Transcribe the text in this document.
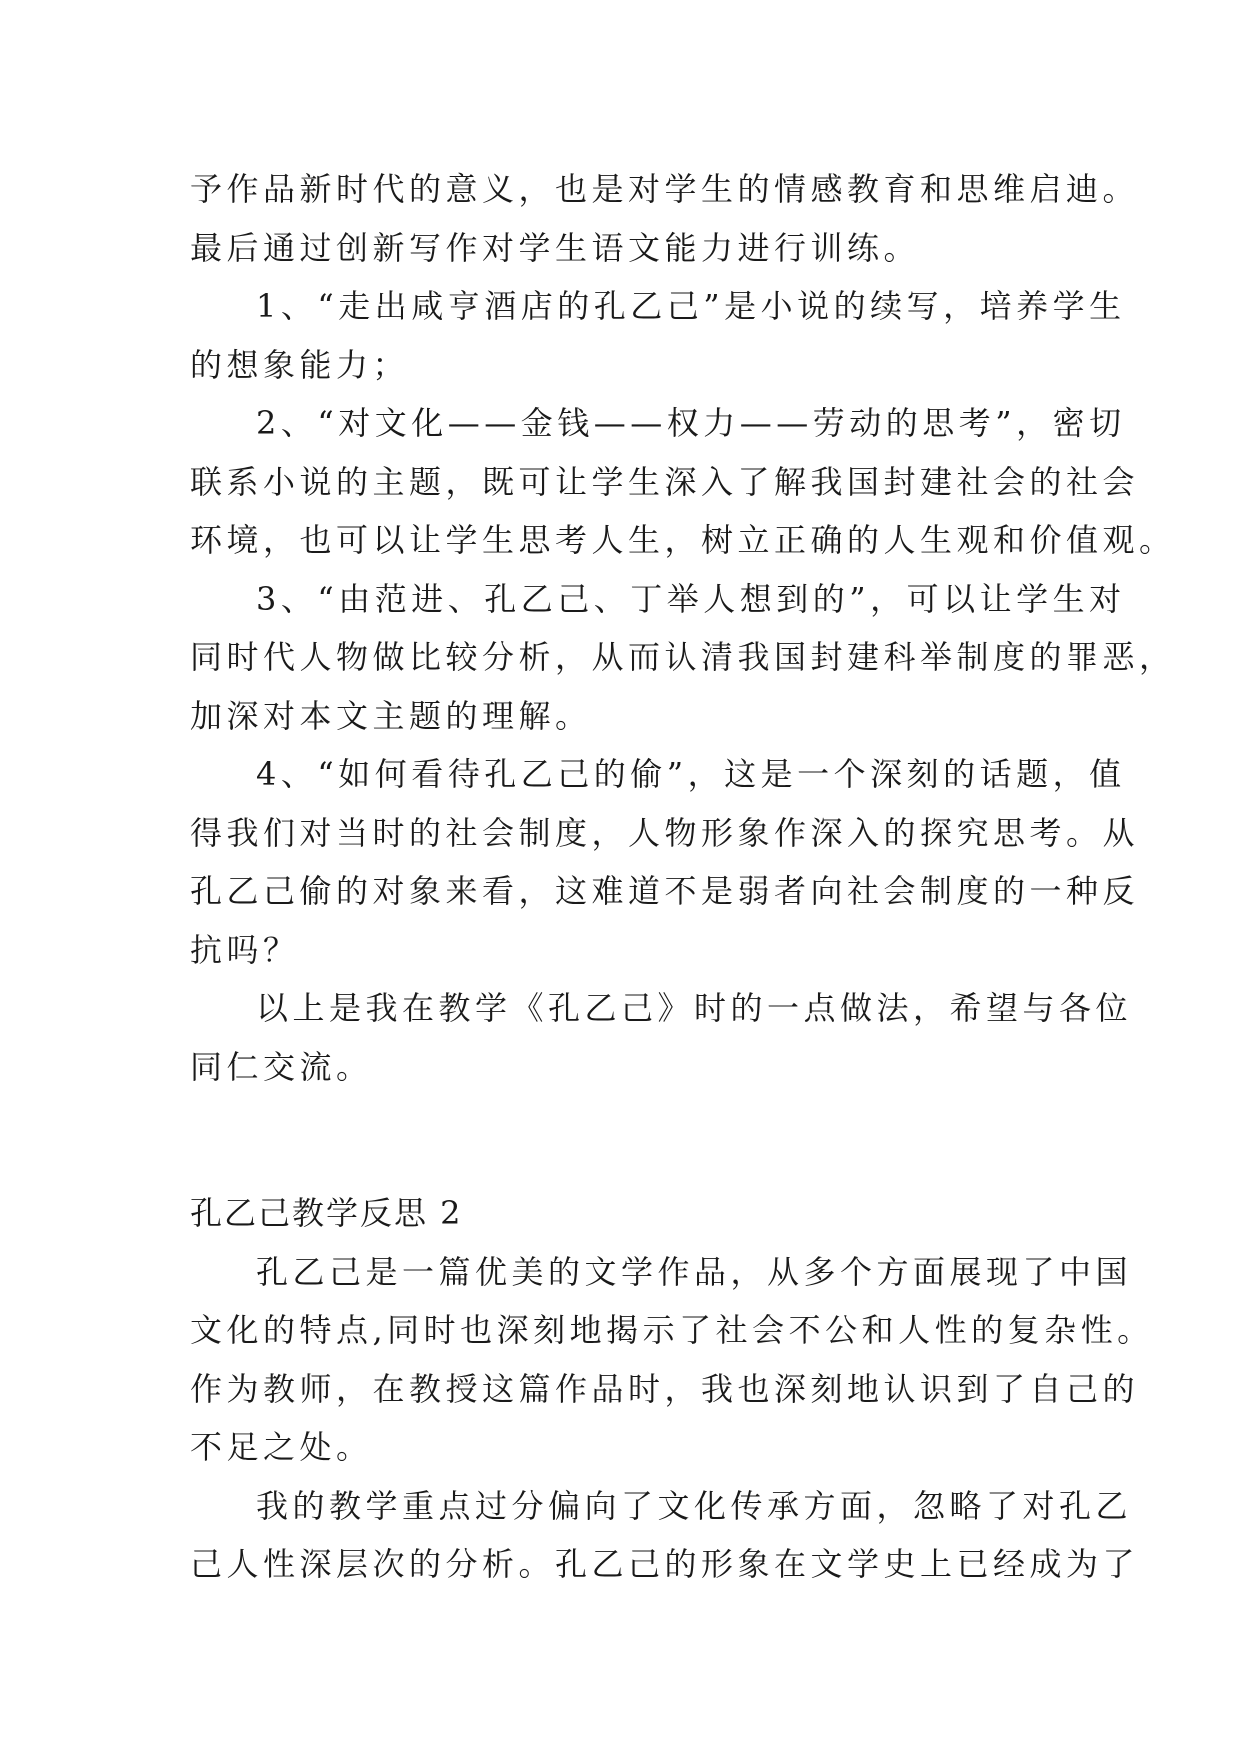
予作品新时代的意义，也是对学生的情感教育和思维启迪。
最后通过创新写作对学生语文能力进行训练。
1、“走出咸亨酒店的孔乙己”是小说的续写，培养学生
的想象能力；
2、“对文化——金钱——权力——劳动的思考”，密切
联系小说的主题，既可让学生深入了解我国封建社会的社会
环境，也可以让学生思考人生，树立正确的人生观和价值观。
3、“由范进、孔乙己、丁举人想到的”，可以让学生对
同时代人物做比较分析，从而认清我国封建科举制度的罪恶，
加深对本文主题的理解。
4、“如何看待孔乙己的偷”，这是一个深刻的话题，值
得我们对当时的社会制度，人物形象作深入的探究思考。从
孔乙己偷的对象来看，这难道不是弱者向社会制度的一种反
抗吗？
以上是我在教学《孔乙己》时的一点做法，希望与各位
同仁交流。
孔乙己教学反思 2
孔乙己是一篇优美的文学作品，从多个方面展现了中国
文化的特点,同时也深刻地揭示了社会不公和人性的复杂性。
作为教师，在教授这篇作品时，我也深刻地认识到了自己的
不足之处。
我的教学重点过分偏向了文化传承方面，忽略了对孔乙
己人性深层次的分析。孔乙己的形象在文学史上已经成为了
